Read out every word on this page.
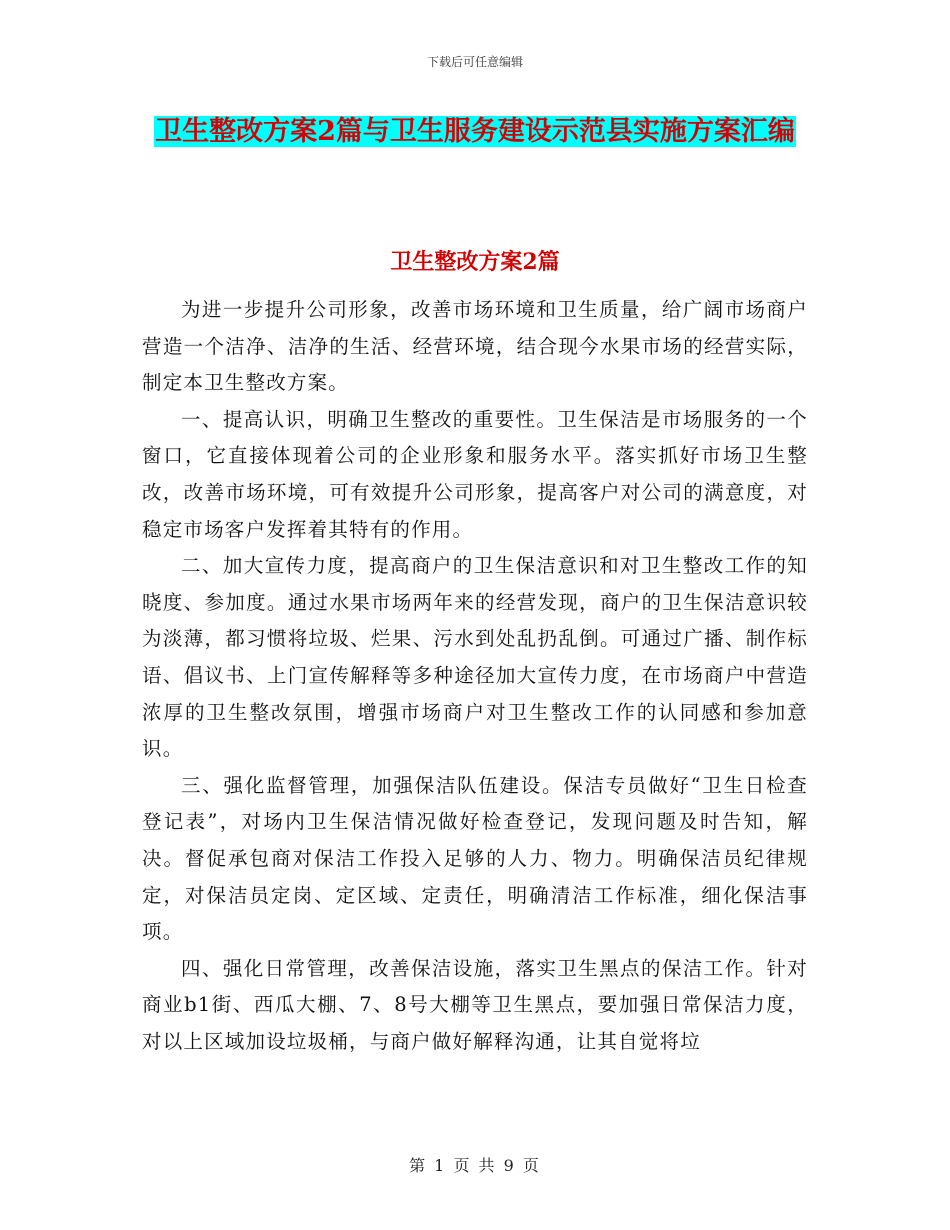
下载后可任意编辑
卫生整改方案2篇与卫生服务建设示范县实施方案汇编
卫生整改方案2篇

为进一步提升公司形象，改善市场环境和卫生质量，给广阔市场商户营造一个洁净、洁净的生活、经营环境，结合现今水果市场的经营实际，制定本卫生整改方案。

一、提高认识，明确卫生整改的重要性。卫生保洁是市场服务的一个窗口，它直接体现着公司的企业形象和服务水平。落实抓好市场卫生整改，改善市场环境，可有效提升公司形象，提高客户对公司的满意度，对稳定市场客户发挥着其特有的作用。

二、加大宣传力度，提高商户的卫生保洁意识和对卫生整改工作的知晓度、参加度。通过水果市场两年来的经营发现，商户的卫生保洁意识较为淡薄，都习惯将垃圾、烂果、污水到处乱扔乱倒。可通过广播、制作标语、倡议书、上门宣传解释等多种途径加大宣传力度，在市场商户中营造浓厚的卫生整改氛围，增强市场商户对卫生整改工作的认同感和参加意识。

三、强化监督管理，加强保洁队伍建设。保洁专员做好“卫生日检查登记表”，对场内卫生保洁情况做好检查登记，发现问题及时告知，解决。督促承包商对保洁工作投入足够的人力、物力。明确保洁员纪律规定，对保洁员定岗、定区域、定责任，明确清洁工作标准，细化保洁事项。

四、强化日常管理，改善保洁设施，落实卫生黑点的保洁工作。针对商业b1街、西瓜大棚、7、8号大棚等卫生黑点，要加强日常保洁力度，对以上区域加设垃圾桶，与商户做好解释沟通，让其自觉将垃

第 1 页 共 9 页
